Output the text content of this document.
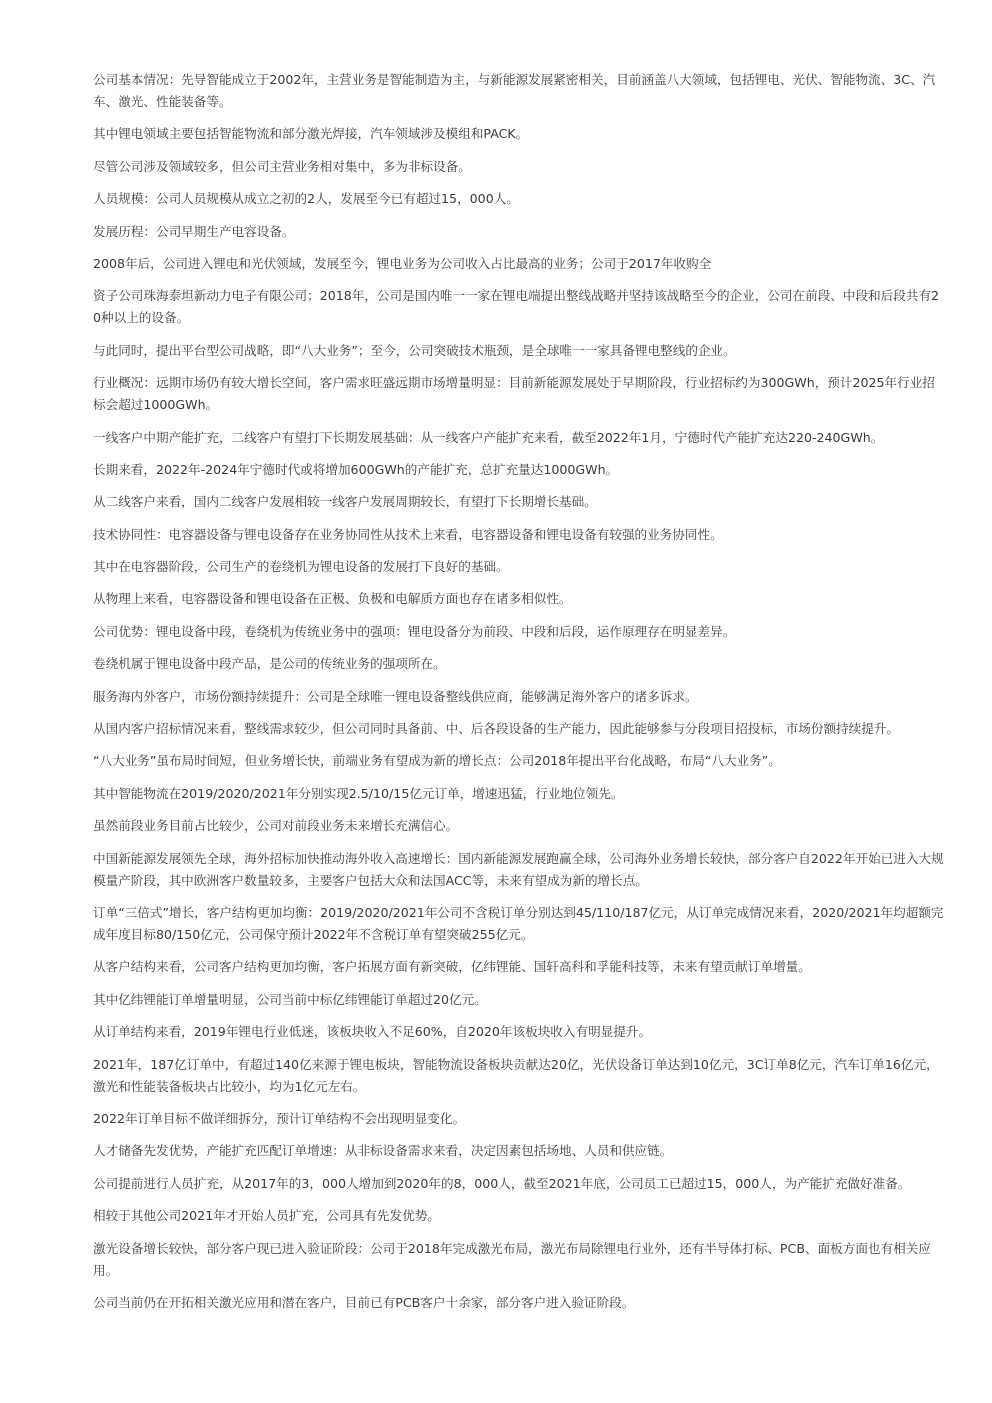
公司基本情况：先导智能成立于2002年，主营业务是智能制造为主，与新能源发展紧密相关，目前涵盖八大领域，包括锂电、光伏、智能物流、3C、汽车、激光、性能装备等。

其中锂电领域主要包括智能物流和部分激光焊接，汽车领域涉及模组和PACK。

尽管公司涉及领域较多，但公司主营业务相对集中，多为非标设备。

人员规模：公司人员规模从成立之初的2人，发展至今已有超过15，000人。

发展历程：公司早期生产电容设备。

2008年后，公司进入锂电和光伏领域，发展至今，锂电业务为公司收入占比最高的业务；公司于2017年收购全

资子公司珠海泰坦新动力电子有限公司；2018年，公司是国内唯一一家在锂电端提出整线战略并坚持该战略至今的企业，公司在前段、中段和后段共有20种以上的设备。

与此同时，提出平台型公司战略，即“八大业务”；至今，公司突破技术瓶颈，是全球唯一一家具备锂电整线的企业。

行业概况：远期市场仍有较大增长空间，客户需求旺盛远期市场增量明显：目前新能源发展处于早期阶段，行业招标约为300GWh，预计2025年行业招标会超过1000GWh。

一线客户中期产能扩充，二线客户有望打下长期发展基础：从一线客户产能扩充来看，截至2022年1月，宁德时代产能扩充达220-240GWh。

长期来看，2022年-2024年宁德时代或将增加600GWh的产能扩充，总扩充量达1000GWh。

从二线客户来看，国内二线客户发展相较一线客户发展周期较长，有望打下长期增长基础。

技术协同性：电容器设备与锂电设备存在业务协同性从技术上来看，电容器设备和锂电设备有较强的业务协同性。

其中在电容器阶段，公司生产的卷绕机为锂电设备的发展打下良好的基础。

从物理上来看，电容器设备和锂电设备在正极、负极和电解质方面也存在诸多相似性。

公司优势：锂电设备中段，卷绕机为传统业务中的强项：锂电设备分为前段、中段和后段，运作原理存在明显差异。

卷绕机属于锂电设备中段产品，是公司的传统业务的强项所在。

服务海内外客户，市场份额持续提升：公司是全球唯一锂电设备整线供应商，能够满足海外客户的诸多诉求。

从国内客户招标情况来看，整线需求较少，但公司同时具备前、中、后各段设备的生产能力，因此能够参与分段项目招投标，市场份额持续提升。

“八大业务”虽布局时间短，但业务增长快，前端业务有望成为新的增长点：公司2018年提出平台化战略，布局“八大业务”。

其中智能物流在2019/2020/2021年分别实现2.5/10/15亿元订单，增速迅猛，行业地位领先。

虽然前段业务目前占比较少，公司对前段业务未来增长充满信心。

中国新能源发展领先全球，海外招标加快推动海外收入高速增长：国内新能源发展跑赢全球，公司海外业务增长较快，部分客户自2022年开始已进入大规模量产阶段，其中欧洲客户数量较多，主要客户包括大众和法国ACC等，未来有望成为新的增长点。

订单“三倍式”增长，客户结构更加均衡：2019/2020/2021年公司不含税订单分别达到45/110/187亿元，从订单完成情况来看，2020/2021年均超额完成年度目标80/150亿元，公司保守预计2022年不含税订单有望突破255亿元。

从客户结构来看，公司客户结构更加均衡，客户拓展方面有新突破，亿纬锂能、国轩高科和孚能科技等，未来有望贡献订单增量。

其中亿纬锂能订单增量明显，公司当前中标亿纬锂能订单超过20亿元。

从订单结构来看，2019年锂电行业低迷，该板块收入不足60%，自2020年该板块收入有明显提升。

2021年，187亿订单中，有超过140亿来源于锂电板块，智能物流设备板块贡献达20亿，光伏设备订单达到10亿元，3C订单8亿元，汽车订单16亿元，激光和性能装备板块占比较小，均为1亿元左右。

2022年订单目标不做详细拆分，预计订单结构不会出现明显变化。

人才储备先发优势，产能扩充匹配订单增速：从非标设备需求来看，决定因素包括场地、人员和供应链。

公司提前进行人员扩充，从2017年的3，000人增加到2020年的8，000人，截至2021年底，公司员工已超过15，000人，为产能扩充做好准备。

相较于其他公司2021年才开始人员扩充，公司具有先发优势。

激光设备增长较快，部分客户现已进入验证阶段：公司于2018年完成激光布局，激光布局除锂电行业外，还有半导体打标、PCB、面板方面也有相关应用。

公司当前仍在开拓相关激光应用和潜在客户，目前已有PCB客户十余家，部分客户进入验证阶段。
